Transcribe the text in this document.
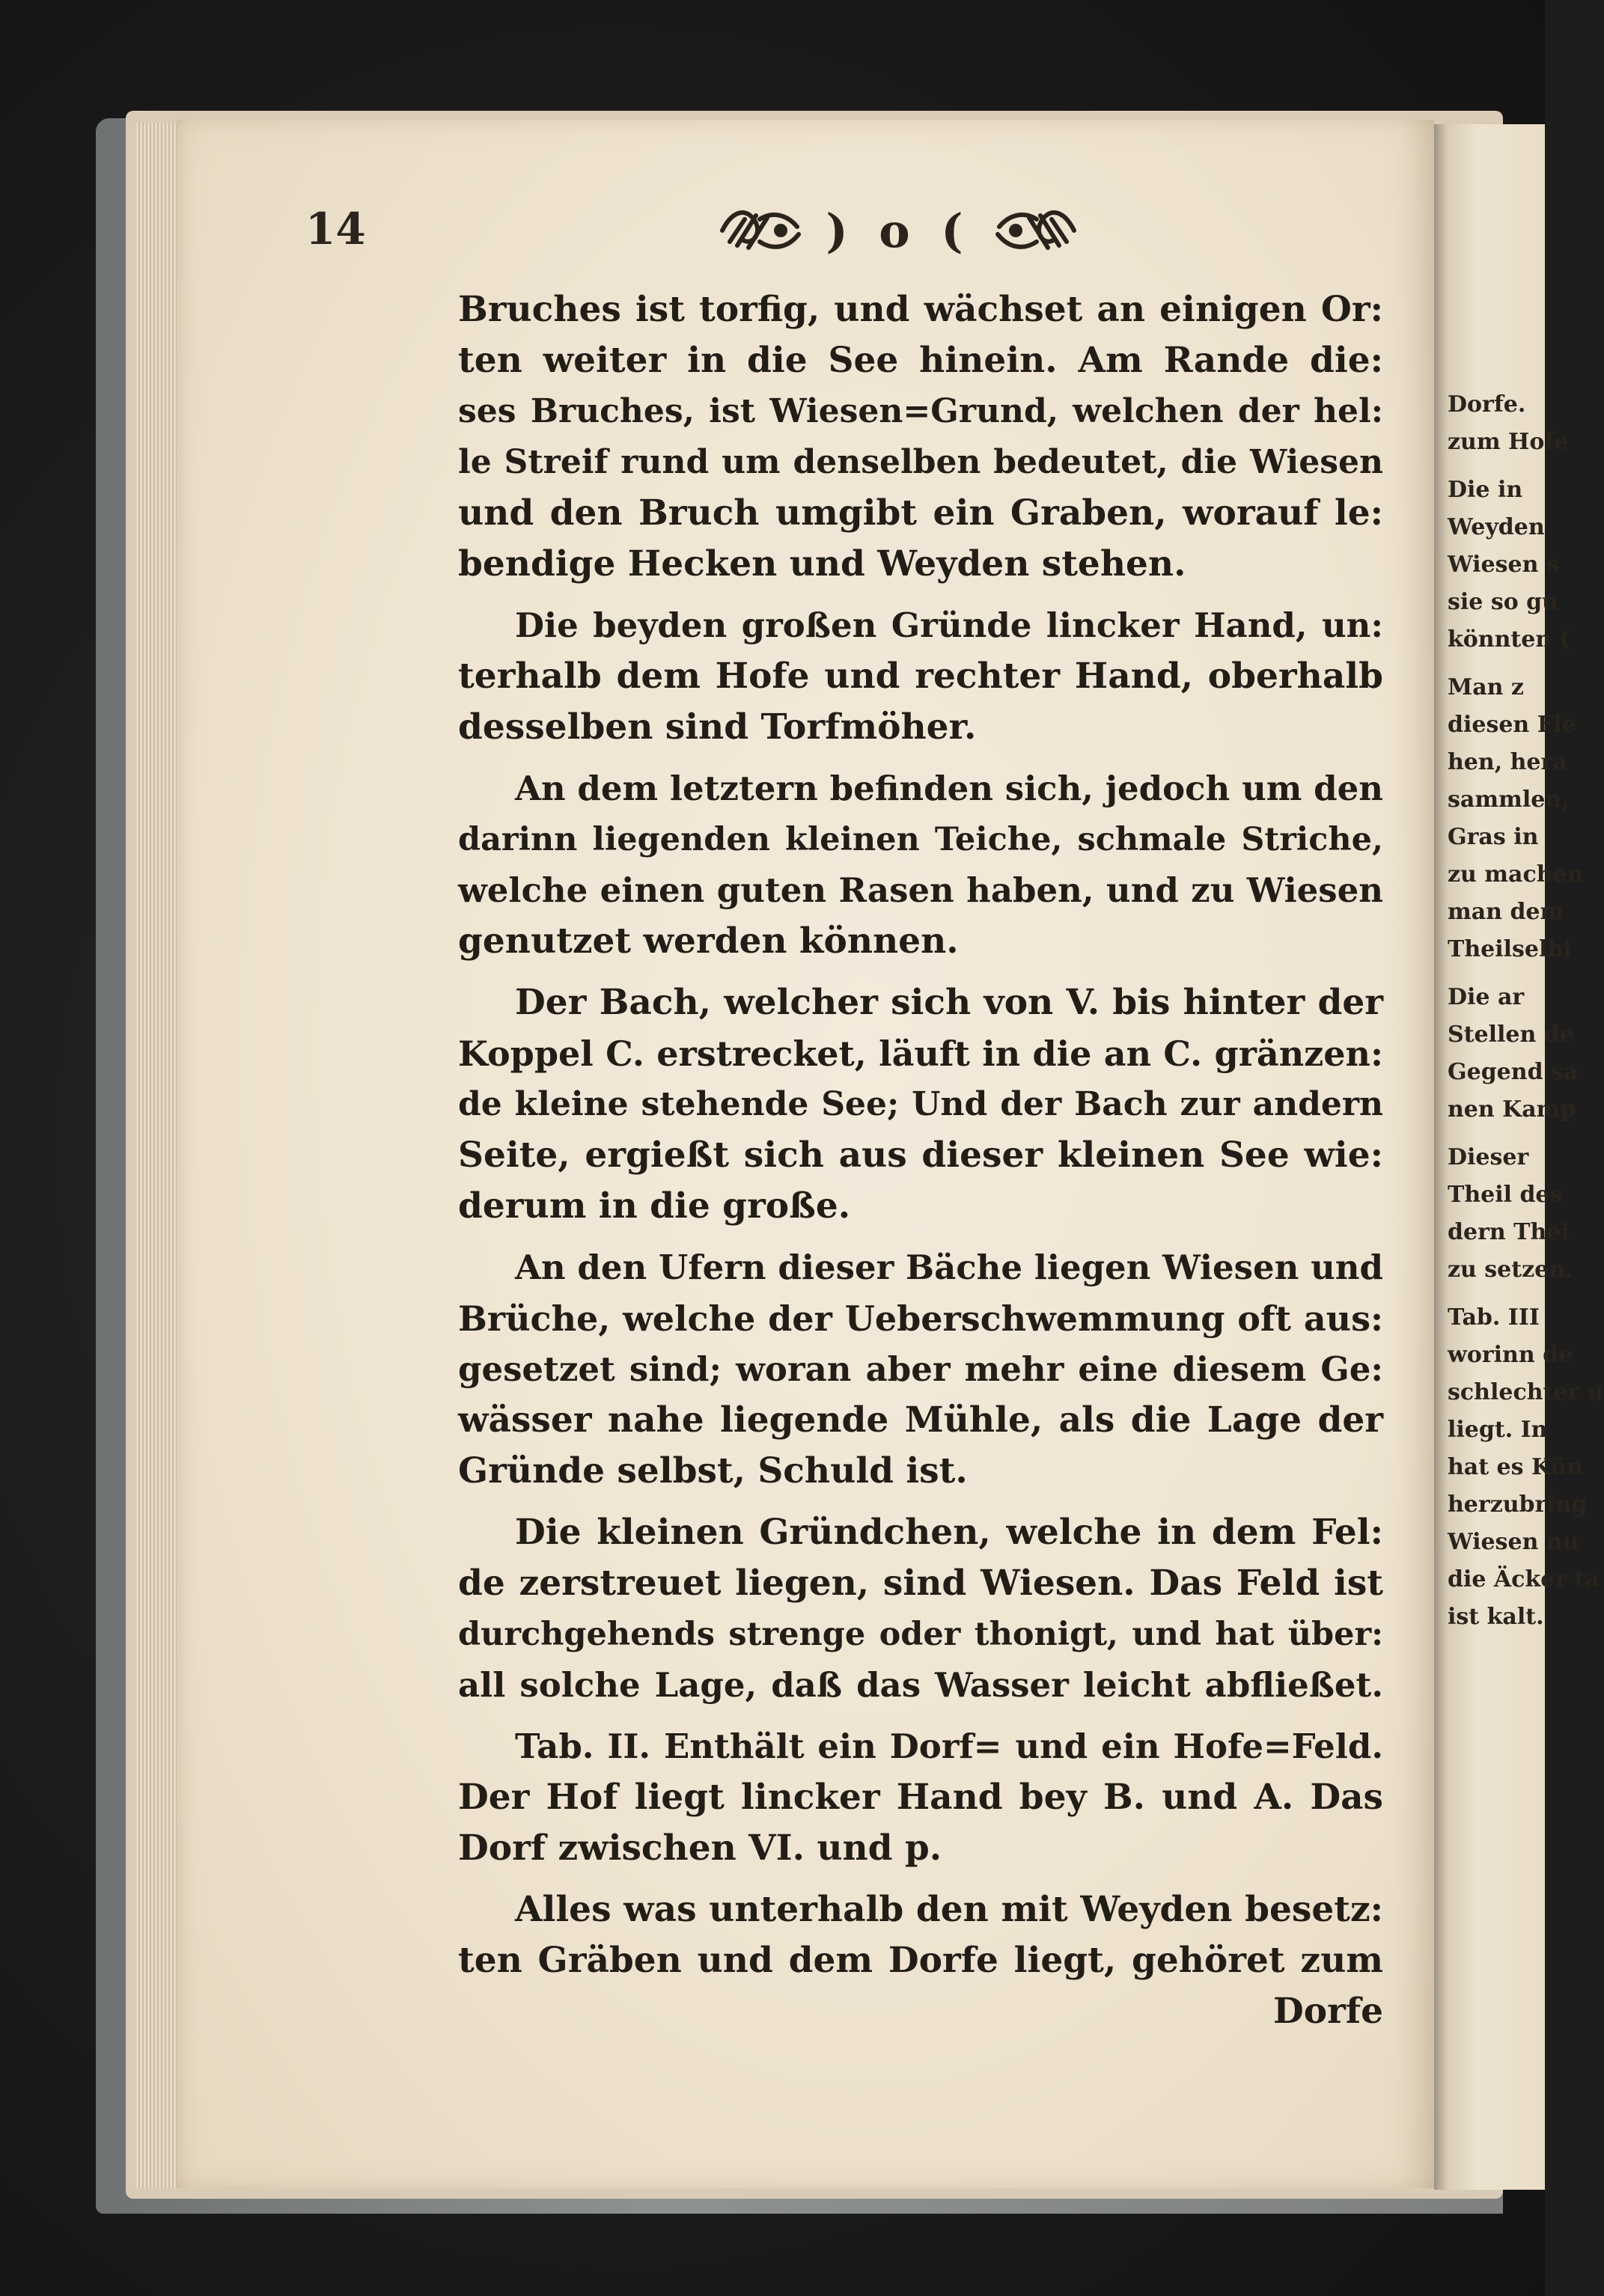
Dorfe.
zum Hofe
Die in
Weyden
Wiesen s
sie so gu
könnten (
Man z
diesen Fle
hen, hera
sammlen,
Gras in
zu machen
man dem
Theilselbi
Die ar
Stellen de
Gegend sa
nen Kamp
Dieser
Theil des
dern Thei
zu setzen.
Tab. III
worinn de
schlechter u
liegt. In
hat es Kün
herzubring
Wiesen nu
die Äcker ta
ist kalt.
14	) o (
Bruches ist torfig, und wächset an einigen Or:
ten weiter in die See hinein. Am Rande die:
ses Bruches, ist Wiesen=Grund, welchen der hel:
le Streif rund um denselben bedeutet, die Wiesen
und den Bruch umgibt ein Graben, worauf le:
bendige Hecken und Weyden stehen.
Die beyden großen Gründe lincker Hand, un:
terhalb dem Hofe und rechter Hand, oberhalb
desselben sind Torfmöher.
An dem letztern befinden sich, jedoch um den
darinn liegenden kleinen Teiche, schmale Striche,
welche einen guten Rasen haben, und zu Wiesen
genutzet werden können.
Der Bach, welcher sich von V. bis hinter der
Koppel C. erstrecket, läuft in die an C. gränzen:
de kleine stehende See; Und der Bach zur andern
Seite, ergießt sich aus dieser kleinen See wie:
derum in die große.
An den Ufern dieser Bäche liegen Wiesen und
Brüche, welche der Ueberschwemmung oft aus:
gesetzet sind; woran aber mehr eine diesem Ge:
wässer nahe liegende Mühle, als die Lage der
Gründe selbst, Schuld ist.
Die kleinen Gründchen, welche in dem Fel:
de zerstreuet liegen, sind Wiesen. Das Feld ist
durchgehends strenge oder thonigt, und hat über:
all solche Lage, daß das Wasser leicht abfließet.
Tab. II. Enthält ein Dorf= und ein Hofe=Feld.
Der Hof liegt lincker Hand bey B. und A. Das
Dorf zwischen VI. und p.
Alles was unterhalb den mit Weyden besetz:
ten Gräben und dem Dorfe liegt, gehöret zum
Dorfe
